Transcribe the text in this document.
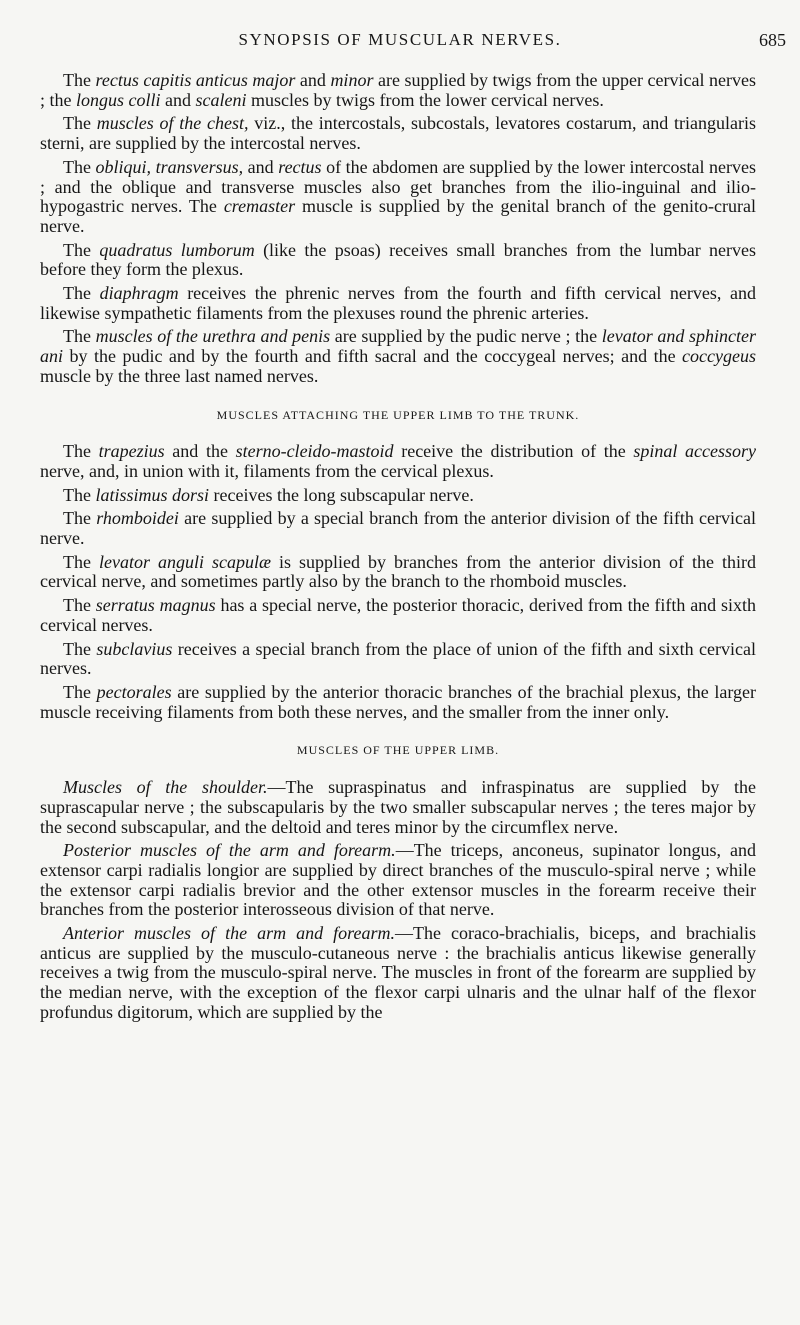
SYNOPSIS OF MUSCULAR NERVES.	685

The rectus capitis anticus major and minor are supplied by twigs from the upper cervical nerves ; the longus colli and scaleni muscles by twigs from the lower cervical nerves.

The muscles of the chest, viz., the intercostals, subcostals, levatores costarum, and triangularis sterni, are supplied by the intercostal nerves.

The obliqui, transversus, and rectus of the abdomen are supplied by the lower intercostal nerves ; and the oblique and transverse muscles also get branches from the ilio-inguinal and ilio-hypogastric nerves. The cremaster muscle is supplied by the genital branch of the genito-crural nerve.

The quadratus lumborum (like the psoas) receives small branches from the lumbar nerves before they form the plexus.

The diaphragm receives the phrenic nerves from the fourth and fifth cervical nerves, and likewise sympathetic filaments from the plexuses round the phrenic arteries.

The muscles of the urethra and penis are supplied by the pudic nerve ; the levator and sphincter ani by the pudic and by the fourth and fifth sacral and the coccygeal nerves; and the coccygeus muscle by the three last named nerves.

MUSCLES ATTACHING THE UPPER LIMB TO THE TRUNK.

The trapezius and the sterno-cleido-mastoid receive the distribution of the spinal accessory nerve, and, in union with it, filaments from the cervical plexus.

The latissimus dorsi receives the long subscapular nerve.

The rhomboidei are supplied by a special branch from the anterior division of the fifth cervical nerve.

The levator anguli scapulæ is supplied by branches from the anterior division of the third cervical nerve, and sometimes partly also by the branch to the rhomboid muscles.

The serratus magnus has a special nerve, the posterior thoracic, derived from the fifth and sixth cervical nerves.

The subclavius receives a special branch from the place of union of the fifth and sixth cervical nerves.

The pectorales are supplied by the anterior thoracic branches of the brachial plexus, the larger muscle receiving filaments from both these nerves, and the smaller from the inner only.

MUSCLES OF THE UPPER LIMB.

Muscles of the shoulder.—The supraspinatus and infraspinatus are supplied by the suprascapular nerve ; the subscapularis by the two smaller subscapular nerves ; the teres major by the second subscapular, and the deltoid and teres minor by the circumflex nerve.

Posterior muscles of the arm and forearm.—The triceps, anconeus, supinator longus, and extensor carpi radialis longior are supplied by direct branches of the musculo-spiral nerve ; while the extensor carpi radialis brevior and the other extensor muscles in the forearm receive their branches from the posterior interosseous division of that nerve.

Anterior muscles of the arm and forearm.—The coraco-brachialis, biceps, and brachialis anticus are supplied by the musculo-cutaneous nerve : the brachialis anticus likewise generally receives a twig from the musculo-spiral nerve. The muscles in front of the forearm are supplied by the median nerve, with the exception of the flexor carpi ulnaris and the ulnar half of the flexor profundus digitorum, which are supplied by the
